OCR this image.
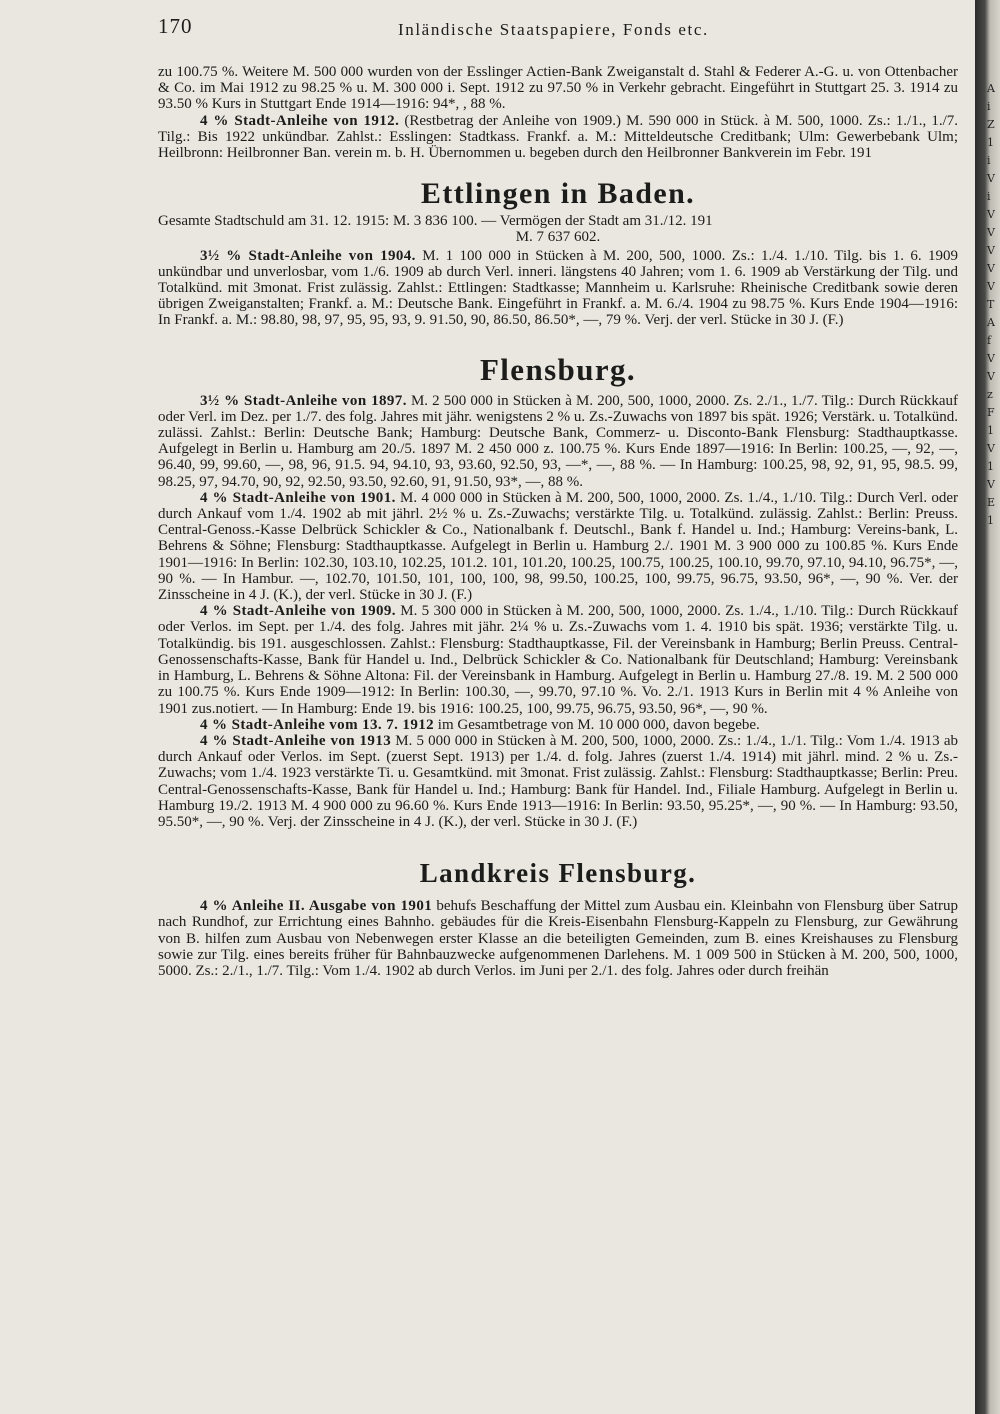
170	Inländische Staatspapiere, Fonds etc.

zu 100.75 %. Weitere M. 500 000 wurden von der Esslinger Actien-Bank Zweiganstalt d. Stahl & Federer A.-G. u. von Ottenbacher & Co. im Mai 1912 zu 98.25 % u. M. 300 000 i. Sept. 1912 zu 97.50 % in Verkehr gebracht. Eingeführt in Stuttgart 25. 3. 1914 zu 93.50 % Kurs in Stuttgart Ende 1914—1916: 94*, , 88 %.

4 % Stadt-Anleihe von 1912. (Restbetrag der Anleihe von 1909.) M. 590 000 in Stück. à M. 500, 1000. Zs.: 1./1., 1./7. Tilg.: Bis 1922 unkündbar. Zahlst.: Esslingen: Stadtkass. Frankf. a. M.: Mitteldeutsche Creditbank; Ulm: Gewerbebank Ulm; Heilbronn: Heilbronner Ban. verein m. b. H. Übernommen u. begeben durch den Heilbronner Bankverein im Febr. 191

Ettlingen in Baden.

Gesamte Stadtschuld am 31. 12. 1915: M. 3 836 100. — Vermögen der Stadt am 31./12. 191

M. 7 637 602.

3½ % Stadt-Anleihe von 1904. M. 1 100 000 in Stücken à M. 200, 500, 1000. Zs.: 1./4. 1./10. Tilg. bis 1. 6. 1909 unkündbar und unverlosbar, vom 1./6. 1909 ab durch Verl. inneri. längstens 40 Jahren; vom 1. 6. 1909 ab Verstärkung der Tilg. und Totalkünd. mit 3monat. Frist zulässig. Zahlst.: Ettlingen: Stadtkasse; Mannheim u. Karlsruhe: Rheinische Creditbank sowie deren übrigen Zweiganstalten; Frankf. a. M.: Deutsche Bank. Eingeführt in Frankf. a. M. 6./4. 1904 zu 98.75 %. Kurs Ende 1904—1916: In Frankf. a. M.: 98.80, 98, 97, 95, 95, 93, 9. 91.50, 90, 86.50, 86.50*, —, 79 %. Verj. der verl. Stücke in 30 J. (F.)

Flensburg.

3½ % Stadt-Anleihe von 1897. M. 2 500 000 in Stücken à M. 200, 500, 1000, 2000. Zs. 2./1., 1./7. Tilg.: Durch Rückkauf oder Verl. im Dez. per 1./7. des folg. Jahres mit jähr. wenigstens 2 % u. Zs.-Zuwachs von 1897 bis spät. 1926; Verstärk. u. Totalkünd. zulässi. Zahlst.: Berlin: Deutsche Bank; Hamburg: Deutsche Bank, Commerz- u. Disconto-Bank Flensburg: Stadthauptkasse. Aufgelegt in Berlin u. Hamburg am 20./5. 1897 M. 2 450 000 z. 100.75 %. Kurs Ende 1897—1916: In Berlin: 100.25, —, 92, —, 96.40, 99, 99.60, —, 98, 96, 91.5. 94, 94.10, 93, 93.60, 92.50, 93, —*, —, 88 %. — In Hamburg: 100.25, 98, 92, 91, 95, 98.5. 99, 98.25, 97, 94.70, 90, 92, 92.50, 93.50, 92.60, 91, 91.50, 93*, —, 88 %.

4 % Stadt-Anleihe von 1901. M. 4 000 000 in Stücken à M. 200, 500, 1000, 2000. Zs. 1./4., 1./10. Tilg.: Durch Verl. oder durch Ankauf vom 1./4. 1902 ab mit jährl. 2½ % u. Zs.-Zuwachs; verstärkte Tilg. u. Totalkünd. zulässig. Zahlst.: Berlin: Preuss. Central-Genoss.-Kasse Delbrück Schickler & Co., Nationalbank f. Deutschl., Bank f. Handel u. Ind.; Hamburg: Vereins-bank, L. Behrens & Söhne; Flensburg: Stadthauptkasse. Aufgelegt in Berlin u. Hamburg 2./. 1901 M. 3 900 000 zu 100.85 %. Kurs Ende 1901—1916: In Berlin: 102.30, 103.10, 102.25, 101.2. 101, 101.20, 100.25, 100.75, 100.25, 100.10, 99.70, 97.10, 94.10, 96.75*, —, 90 %. — In Hambur. —, 102.70, 101.50, 101, 100, 100, 98, 99.50, 100.25, 100, 99.75, 96.75, 93.50, 96*, —, 90 %. Ver. der Zinsscheine in 4 J. (K.), der verl. Stücke in 30 J. (F.)

4 % Stadt-Anleihe von 1909. M. 5 300 000 in Stücken à M. 200, 500, 1000, 2000. Zs. 1./4., 1./10. Tilg.: Durch Rückkauf oder Verlos. im Sept. per 1./4. des folg. Jahres mit jähr. 2¼ % u. Zs.-Zuwachs vom 1. 4. 1910 bis spät. 1936; verstärkte Tilg. u. Totalkündig. bis 191. ausgeschlossen. Zahlst.: Flensburg: Stadthauptkasse, Fil. der Vereinsbank in Hamburg; Berlin Preuss. Central-Genossenschafts-Kasse, Bank für Handel u. Ind., Delbrück Schickler & Co. Nationalbank für Deutschland; Hamburg: Vereinsbank in Hamburg, L. Behrens & Söhne Altona: Fil. der Vereinsbank in Hamburg. Aufgelegt in Berlin u. Hamburg 27./8. 19. M. 2 500 000 zu 100.75 %. Kurs Ende 1909—1912: In Berlin: 100.30, —, 99.70, 97.10 %. Vo. 2./1. 1913 Kurs in Berlin mit 4 % Anleihe von 1901 zus.notiert. — In Hamburg: Ende 19. bis 1916: 100.25, 100, 99.75, 96.75, 93.50, 96*, —, 90 %.

4 % Stadt-Anleihe vom 13. 7. 1912 im Gesamtbetrage von M. 10 000 000, davon begebe.

4 % Stadt-Anleihe von 1913 M. 5 000 000 in Stücken à M. 200, 500, 1000, 2000. Zs.: 1./4., 1./1. Tilg.: Vom 1./4. 1913 ab durch Ankauf oder Verlos. im Sept. (zuerst Sept. 1913) per 1./4. d. folg. Jahres (zuerst 1./4. 1914) mit jährl. mind. 2 % u. Zs.-Zuwachs; vom 1./4. 1923 verstärkte Ti. u. Gesamtkünd. mit 3monat. Frist zulässig. Zahlst.: Flensburg: Stadthauptkasse; Berlin: Preu. Central-Genossenschafts-Kasse, Bank für Handel u. Ind.; Hamburg: Bank für Handel. Ind., Filiale Hamburg. Aufgelegt in Berlin u. Hamburg 19./2. 1913 M. 4 900 000 zu 96.60 %. Kurs Ende 1913—1916: In Berlin: 93.50, 95.25*, —, 90 %. — In Hamburg: 93.50, 95.50*, —, 90 %. Verj. der Zinsscheine in 4 J. (K.), der verl. Stücke in 30 J. (F.)

Landkreis Flensburg.

4 % Anleihe II. Ausgabe von 1901 behufs Beschaffung der Mittel zum Ausbau ein. Kleinbahn von Flensburg über Satrup nach Rundhof, zur Errichtung eines Bahnho. gebäudes für die Kreis-Eisenbahn Flensburg-Kappeln zu Flensburg, zur Gewährung von B. hilfen zum Ausbau von Nebenwegen erster Klasse an die beteiligten Gemeinden, zum B. eines Kreishauses zu Flensburg sowie zur Tilg. eines bereits früher für Bahnbauzwecke aufgenommenen Darlehens. M. 1 009 500 in Stücken à M. 200, 500, 1000, 5000. Zs.: 2./1., 1./7. Tilg.: Vom 1./4. 1902 ab durch Verlos. im Juni per 2./1. des folg. Jahres oder durch freihän

AiZ1iViVVVVVTAfVVzF1V1VE1
